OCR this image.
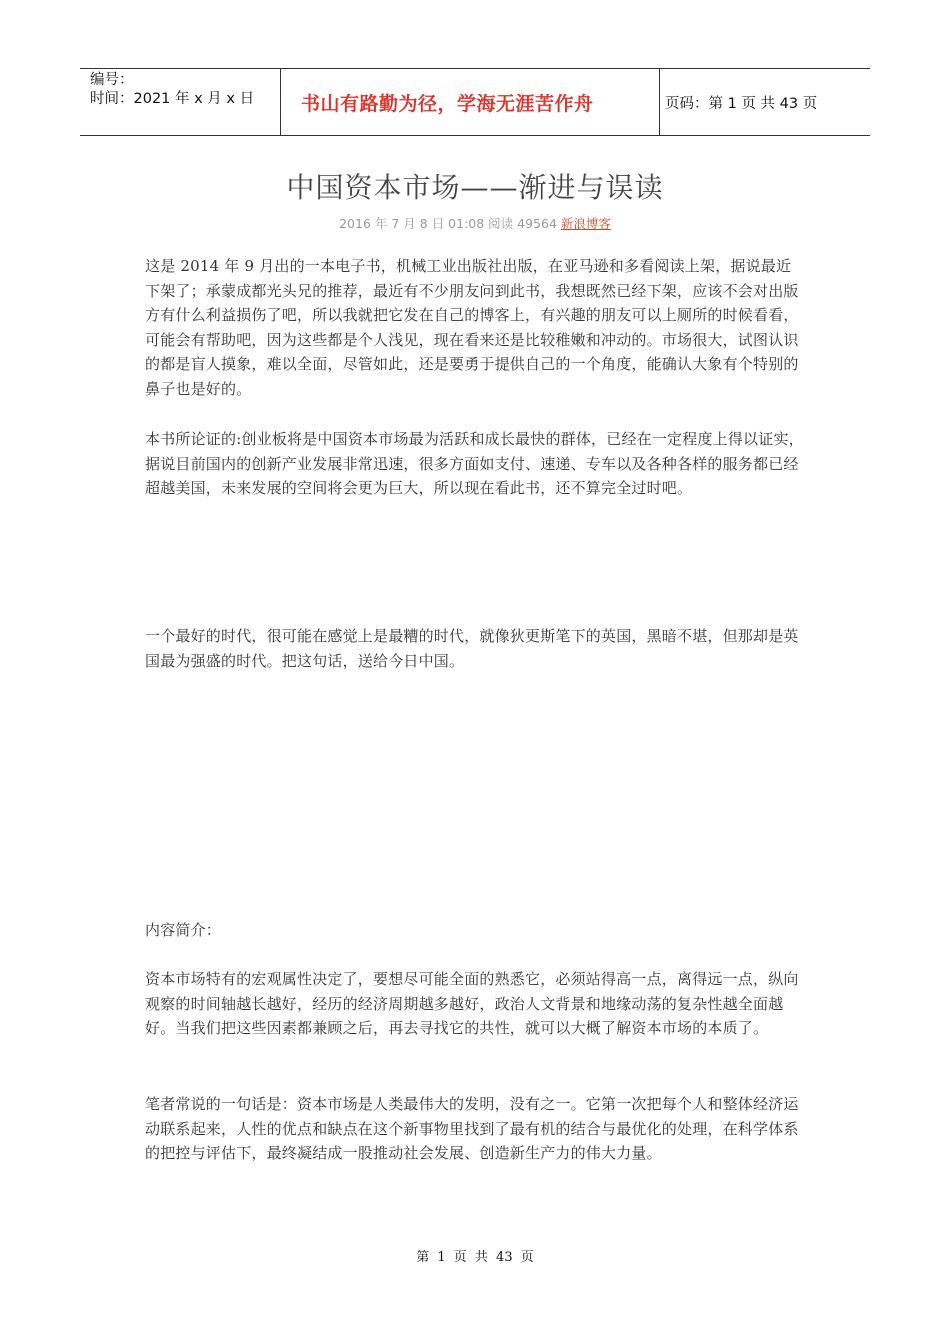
编号：
时间：2021 年 x 月 x 日	书山有路勤为径，学海无涯苦作舟	页码：第 1 页 共 43 页
中国资本市场——渐进与误读
2016 年 7 月 8 日 01:08 阅读 49564 新浪博客

这是 2014 年 9 月出的一本电子书，机械工业出版社出版，在亚马逊和多看阅读上架，据说最近下架了；承蒙成都光头兄的推荐，最近有不少朋友问到此书，我想既然已经下架，应该不会对出版方有什么利益损伤了吧，所以我就把它发在自己的博客上，有兴趣的朋友可以上厕所的时候看看，可能会有帮助吧，因为这些都是个人浅见，现在看来还是比较稚嫩和冲动的。市场很大，试图认识的都是盲人摸象，难以全面，尽管如此，还是要勇于提供自己的一个角度，能确认大象有个特别的鼻子也是好的。

本书所论证的:创业板将是中国资本市场最为活跃和成长最快的群体，已经在一定程度上得以证实，据说目前国内的创新产业发展非常迅速，很多方面如支付、速递、专车以及各种各样的服务都已经超越美国，未来发展的空间将会更为巨大，所以现在看此书，还不算完全过时吧。

一个最好的时代，很可能在感觉上是最糟的时代，就像狄更斯笔下的英国，黑暗不堪，但那却是英国最为强盛的时代。把这句话，送给今日中国。

内容简介：

资本市场特有的宏观属性决定了，要想尽可能全面的熟悉它，必须站得高一点，离得远一点，纵向观察的时间轴越长越好，经历的经济周期越多越好，政治人文背景和地缘动荡的复杂性越全面越好。当我们把这些因素都兼顾之后，再去寻找它的共性，就可以大概了解资本市场的本质了。

笔者常说的一句话是：资本市场是人类最伟大的发明，没有之一。它第一次把每个人和整体经济运动联系起来，人性的优点和缺点在这个新事物里找到了最有机的结合与最优化的处理，在科学体系的把控与评估下，最终凝结成一股推动社会发展、创造新生产力的伟大力量。

第 1 页 共 43 页
